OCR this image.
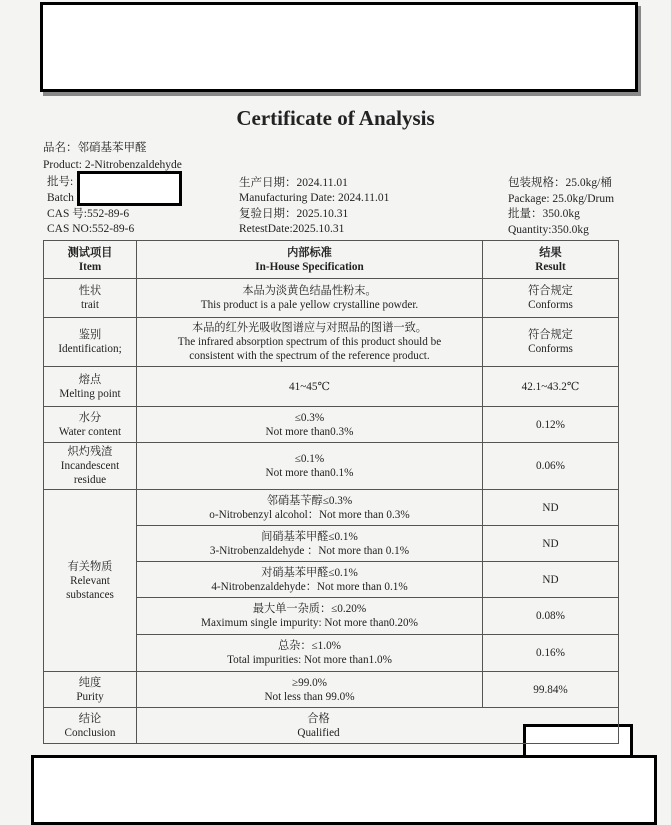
Certificate of Analysis
品名：邻硝基苯甲醛
Product: 2-Nitrobenzaldehyde
批号:
Batch
CAS 号:552-89-6
CAS NO:552-89-6
生产日期：2024.11.01
Manufacturing Date: 2024.11.01
复验日期：2025.10.31
RetestDate:2025.10.31
包装规格：25.0kg/桶
Package: 25.0kg/Drum
批量：350.0kg
Quantity:350.0kg
测试项目
Item	内部标准
In-House Specification	结果
Result

性状
trait	本品为淡黄色结晶性粉末。
This product is a pale yellow crystalline powder.	符合规定
Conforms

鉴别
Identification;	本品的红外光吸收图谱应与对照品的图谱一致。
The infrared absorption spectrum of this product should be
consistent with the spectrum of the reference product.	符合规定
Conforms

熔点
Melting point	41~45℃	42.1~43.2℃

水分
Water content	≤0.3%
Not more than0.3%	0.12%

炽灼残渣
Incandescent
residue	≤0.1%
Not more than0.1%	0.06%

有关物质
Relevant
substances	邻硝基苄醇≤0.3%
o-Nitrobenzyl alcohol：Not more than 0.3%	ND

	间硝基苯甲醛≤0.1%
3-Nitrobenzaldehyde ：Not more than 0.1%	ND

	对硝基苯甲醛≤0.1%
4-Nitrobenzaldehyde：Not more than 0.1%	ND

	最大单一杂质：≤0.20%
Maximum single impurity: Not more than0.20%	0.08%

	总杂：≤1.0%
Total impurities: Not more than1.0%	0.16%

纯度
Purity	≥99.0%
Not less than 99.0%	99.84%

结论
Conclusion	合格
Qualified	
